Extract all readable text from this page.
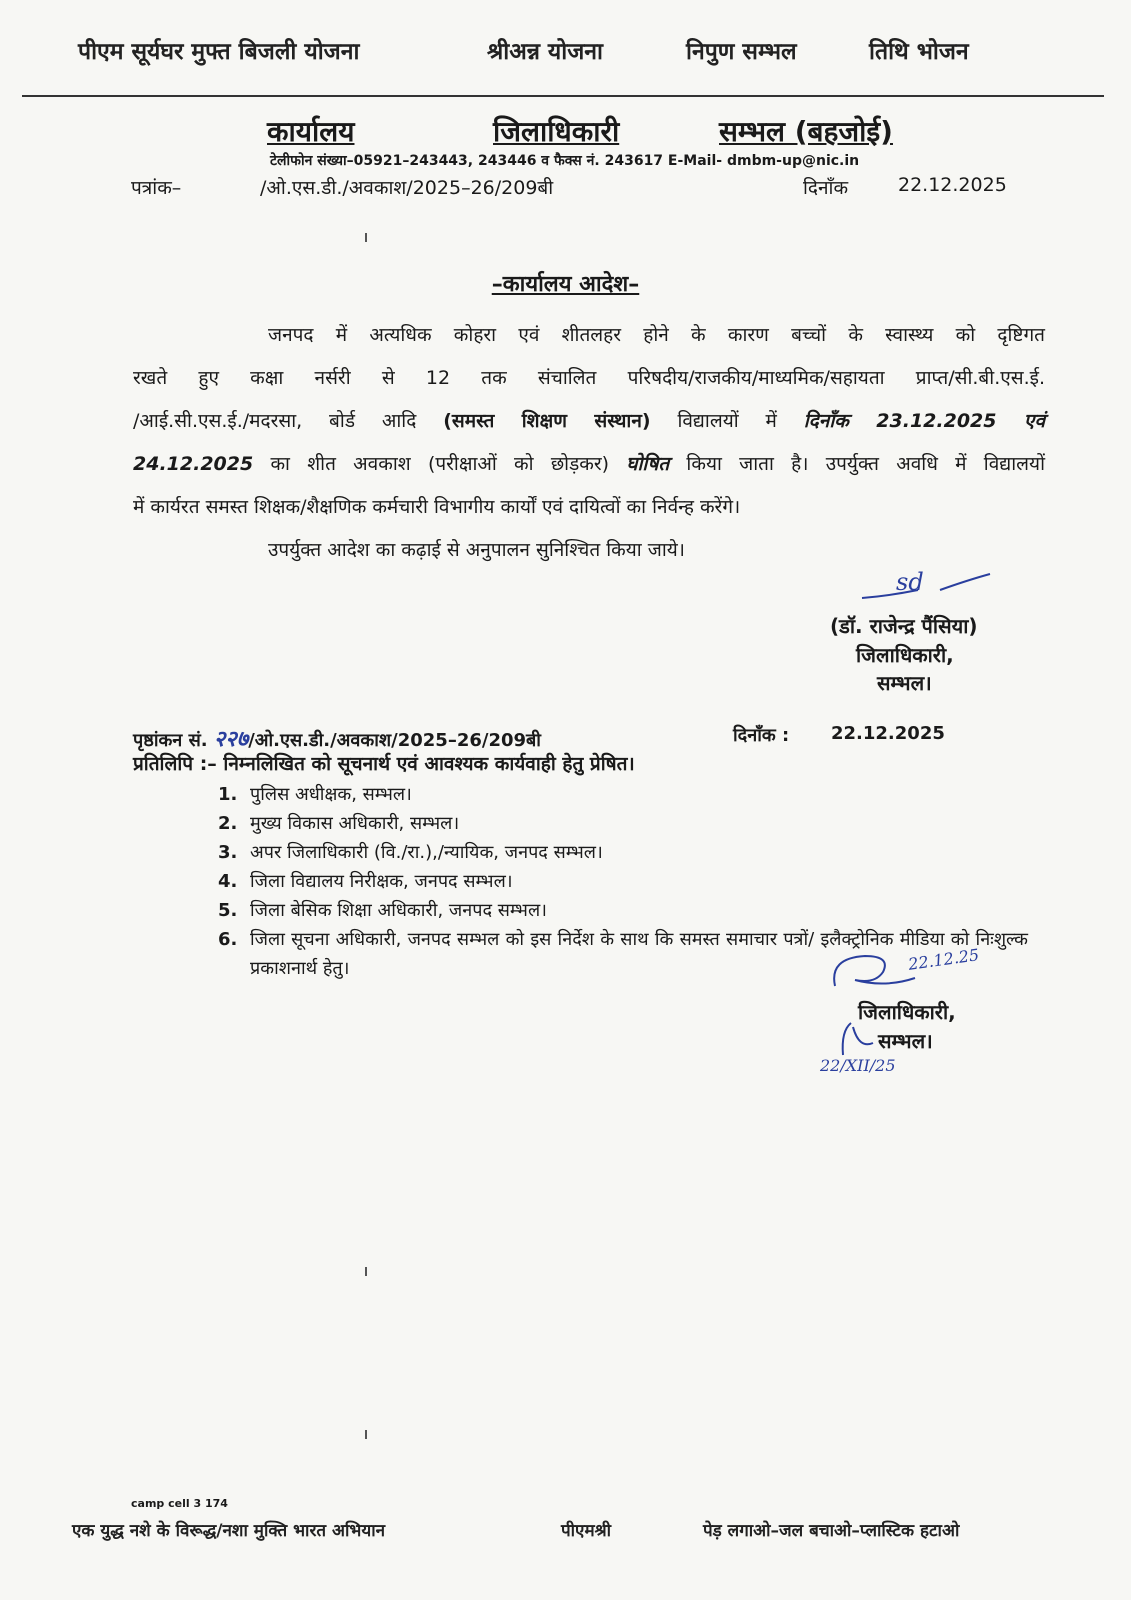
पीएम सूर्यघर मुफ्त बिजली योजना	श्रीअन्न योजना	निपुण सम्भल	तिथि भोजन
कार्यालय	जिलाधिकारी	सम्भल (बहजोई)
टेलीफोन संख्या–05921–243443, 243446 व फैक्स नं. 243617 E-Mail- dmbm-up@nic.in
पत्रांक–	/ओ.एस.डी./अवकाश/2025–26/209बी	दिनाँक	22.12.2025
–कार्यालय आदेश–
जनपद में अत्यधिक कोहरा एवं शीतलहर होने के कारण बच्चों के स्वास्थ्य को दृष्टिगत
रखते हुए कक्षा नर्सरी से 12 तक संचालित परिषदीय/राजकीय/माध्यमिक/सहायता प्राप्त/सी.बी.एस.ई.
/आई.सी.एस.ई./मदरसा, बोर्ड आदि (समस्त शिक्षण संस्थान) विद्यालयों में दिनाँक 23.12.2025 एवं
24.12.2025 का शीत अवकाश (परीक्षाओं को छोड़कर) घोषित किया जाता है। उपर्युक्त अवधि में विद्यालयों
में कार्यरत समस्त शिक्षक/शैक्षणिक कर्मचारी विभागीय कार्यों एवं दायित्वों का निर्वन्ह करेंगे।
उपर्युक्त आदेश का कढ़ाई से अनुपालन सुनिश्चित किया जाये।
sd
(डॉ. राजेन्द्र पैंसिया)
जिलाधिकारी,
सम्भल।
पृष्ठांकन सं. २२७/ओ.एस.डी./अवकाश/2025–26/209बी	दिनाँक : 22.12.2025
प्रतिलिपि :– निम्नलिखित को सूचनार्थ एवं आवश्यक कार्यवाही हेतु प्रेषित।
1. पुलिस अधीक्षक, सम्भल।
2. मुख्य विकास अधिकारी, सम्भल।
3. अपर जिलाधिकारी (वि./रा.),/न्यायिक, जनपद सम्भल।
4. जिला विद्यालय निरीक्षक, जनपद सम्भल।
5. जिला बेसिक शिक्षा अधिकारी, जनपद सम्भल।
6. जिला सूचना अधिकारी, जनपद सम्भल को इस निर्देश के साथ कि समस्त समाचार पत्रों/ इलैक्ट्रोनिक मीडिया को निःशुल्क प्रकाशनार्थ हेतु।	22.12.25
जिलाधिकारी,
सम्भल।
22/XII/25
camp cell 3 174
एक युद्ध नशे के विरूद्ध/नशा मुक्ति भारत अभियान	पीएमश्री	पेड़ लगाओ–जल बचाओ–प्लास्टिक हटाओ
